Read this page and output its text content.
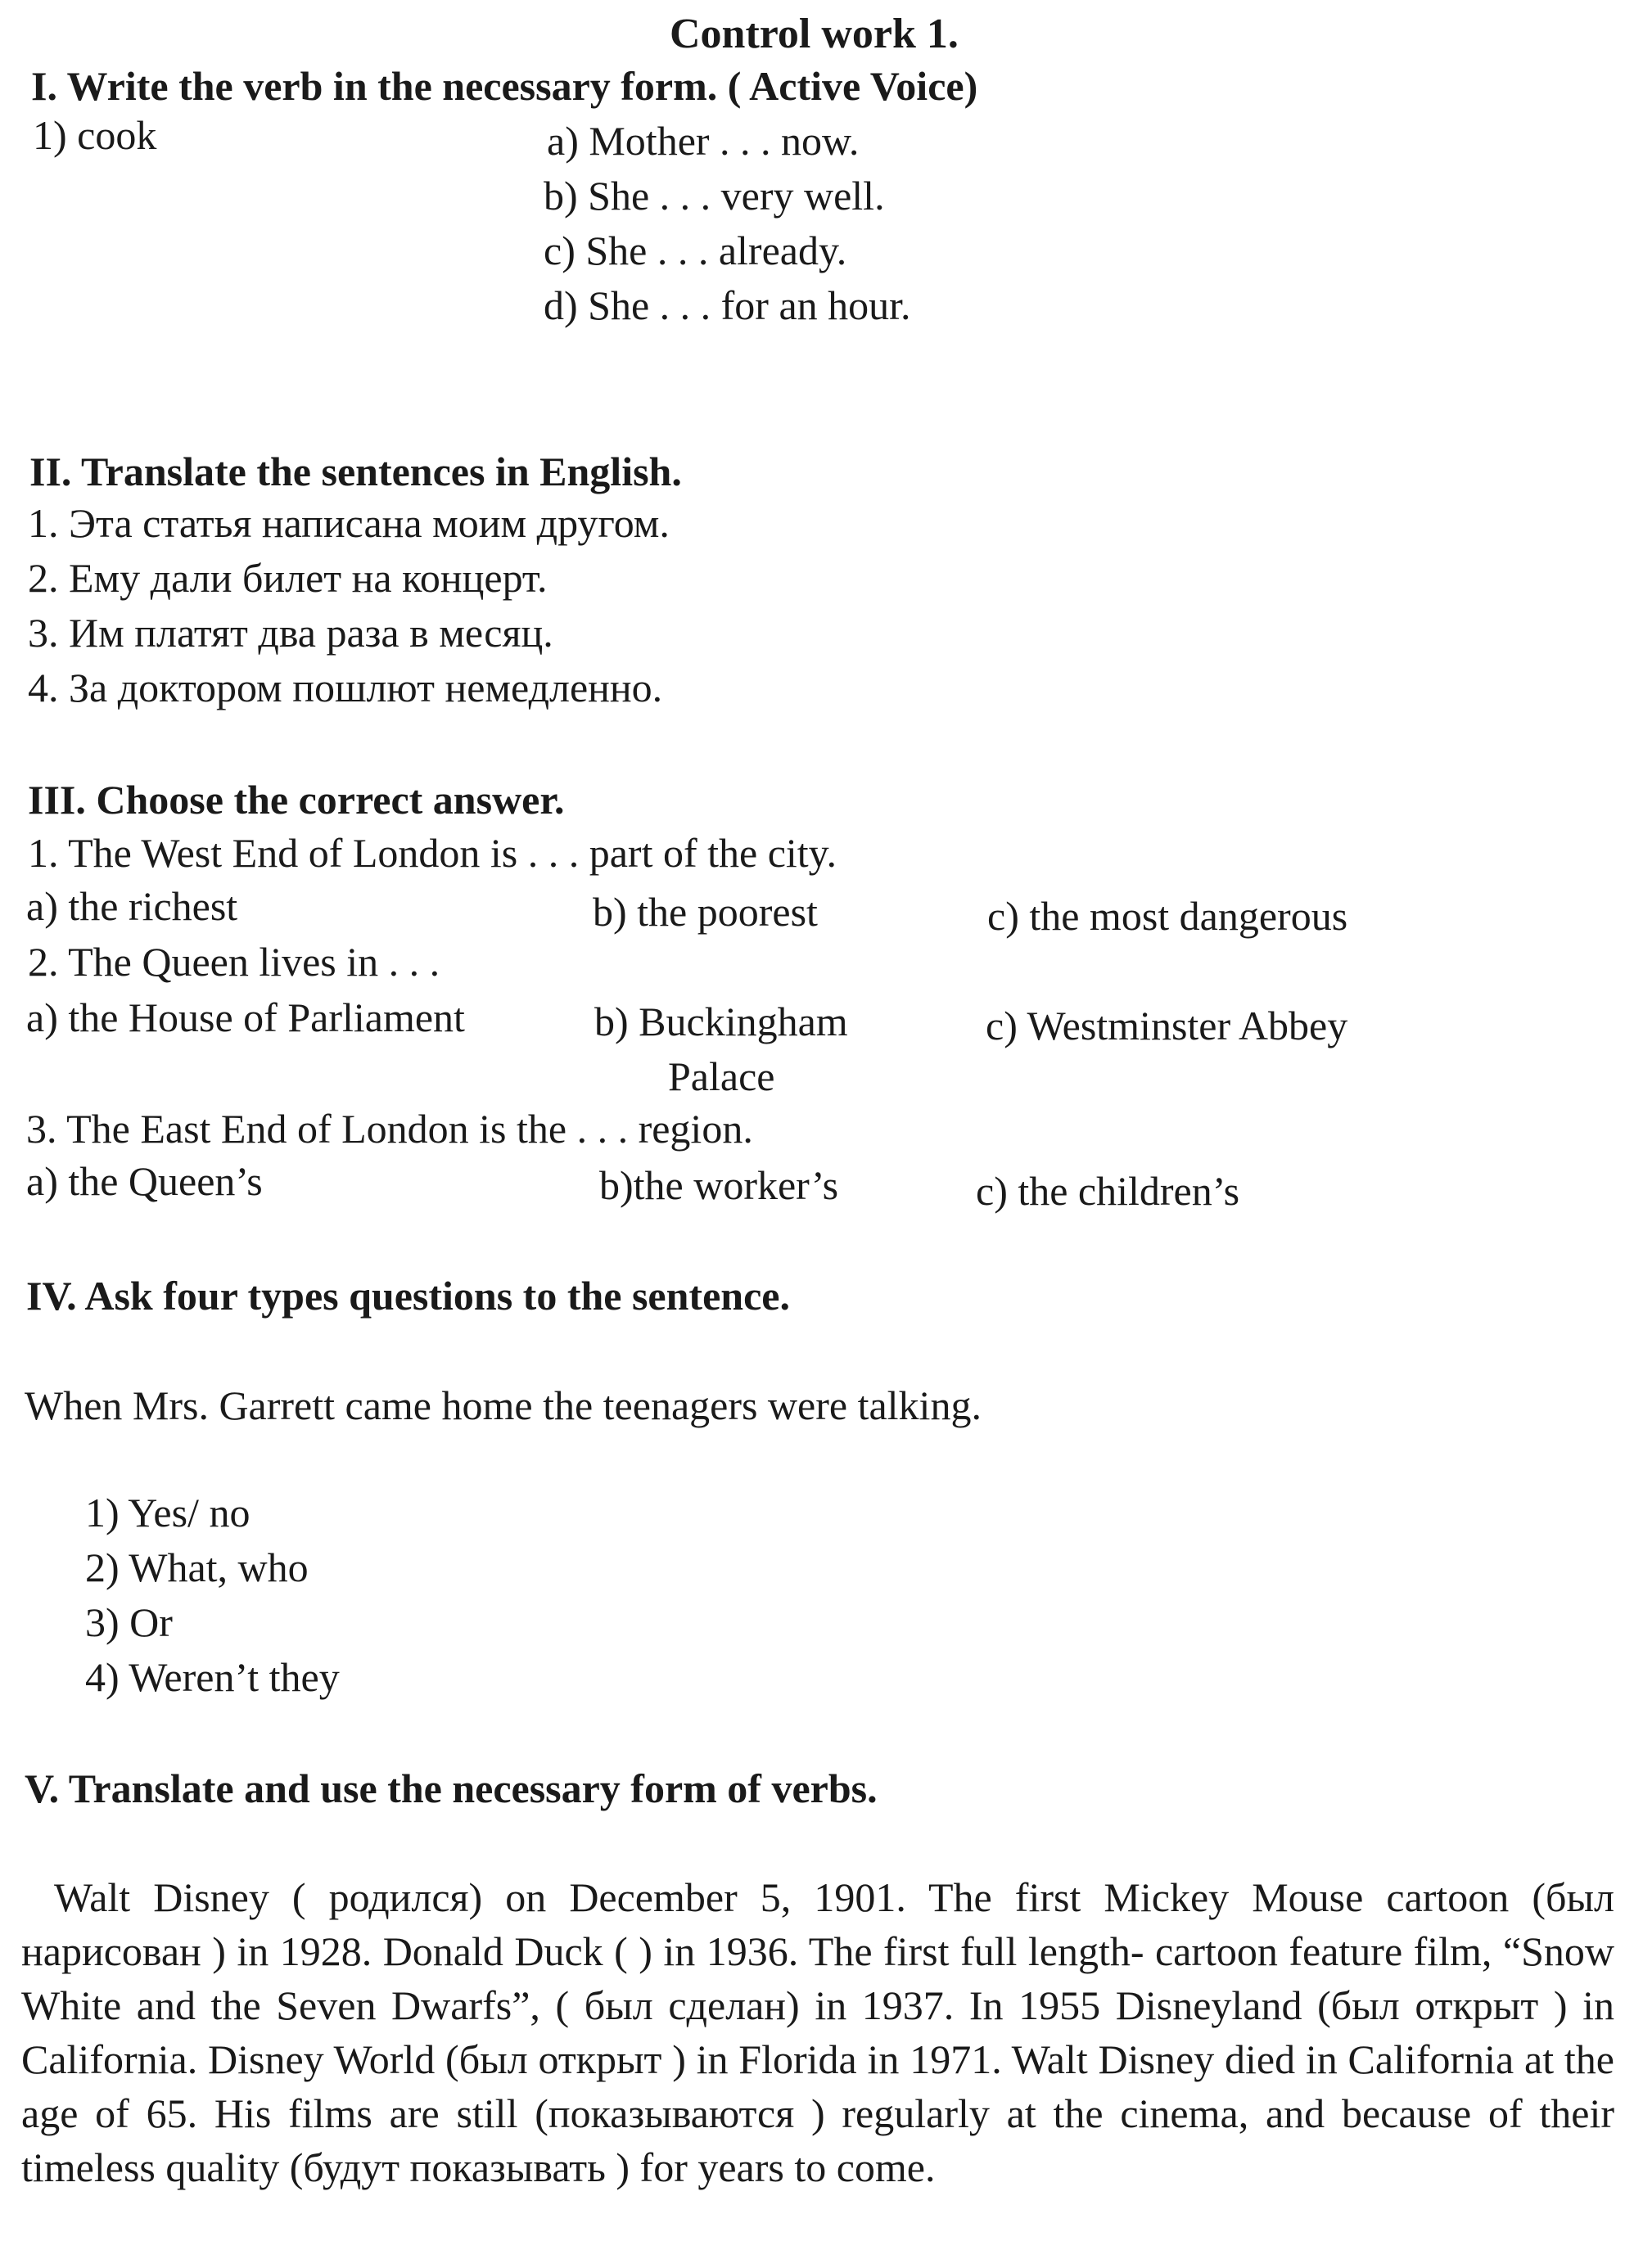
Control work 1.
I. Write the verb in the necessary form. ( Active Voice)
1) cook	a) Mother . . . now.
b) She . . . very well.
c) She . . . already.
d) She . . . for an hour.
II. Translate the sentences in English.
1. Эта статья написана моим другом.
2. Ему дали билет на концерт.
3. Им платят два раза в месяц.
4. За доктором пошлют немедленно.
III. Choose the correct answer.
1. The West End of London is . . . part of the city.
a) the richest	b) the poorest	c) the most dangerous
2. The Queen lives in . . .
a) the House of Parliament	b) Buckingham
Palace
c) Westminster Abbey
3. The East End of London is the . . . region.
a) the Queen’s	b)the worker’s	c) the children’s
IV. Ask four types questions to the sentence.
When Mrs. Garrett came home the teenagers were talking.
1) Yes/ no
2) What, who
3) Or
4) Weren’t they
V. Translate and use the necessary form of verbs.
Walt Disney ( родился) on December 5, 1901. The first Mickey Mouse cartoon (был нарисован ) in 1928. Donald Duck ( ) in 1936. The first full length- cartoon feature film, “Snow White and the Seven Dwarfs”, ( был сделан) in 1937. In 1955 Disneyland (был открыт ) in California. Disney World (был открыт ) in Florida in 1971. Walt Disney died in California at the age of 65. His films are still (показываются ) regularly at the cinema, and because of their timeless quality (будут показывать ) for years to come.
